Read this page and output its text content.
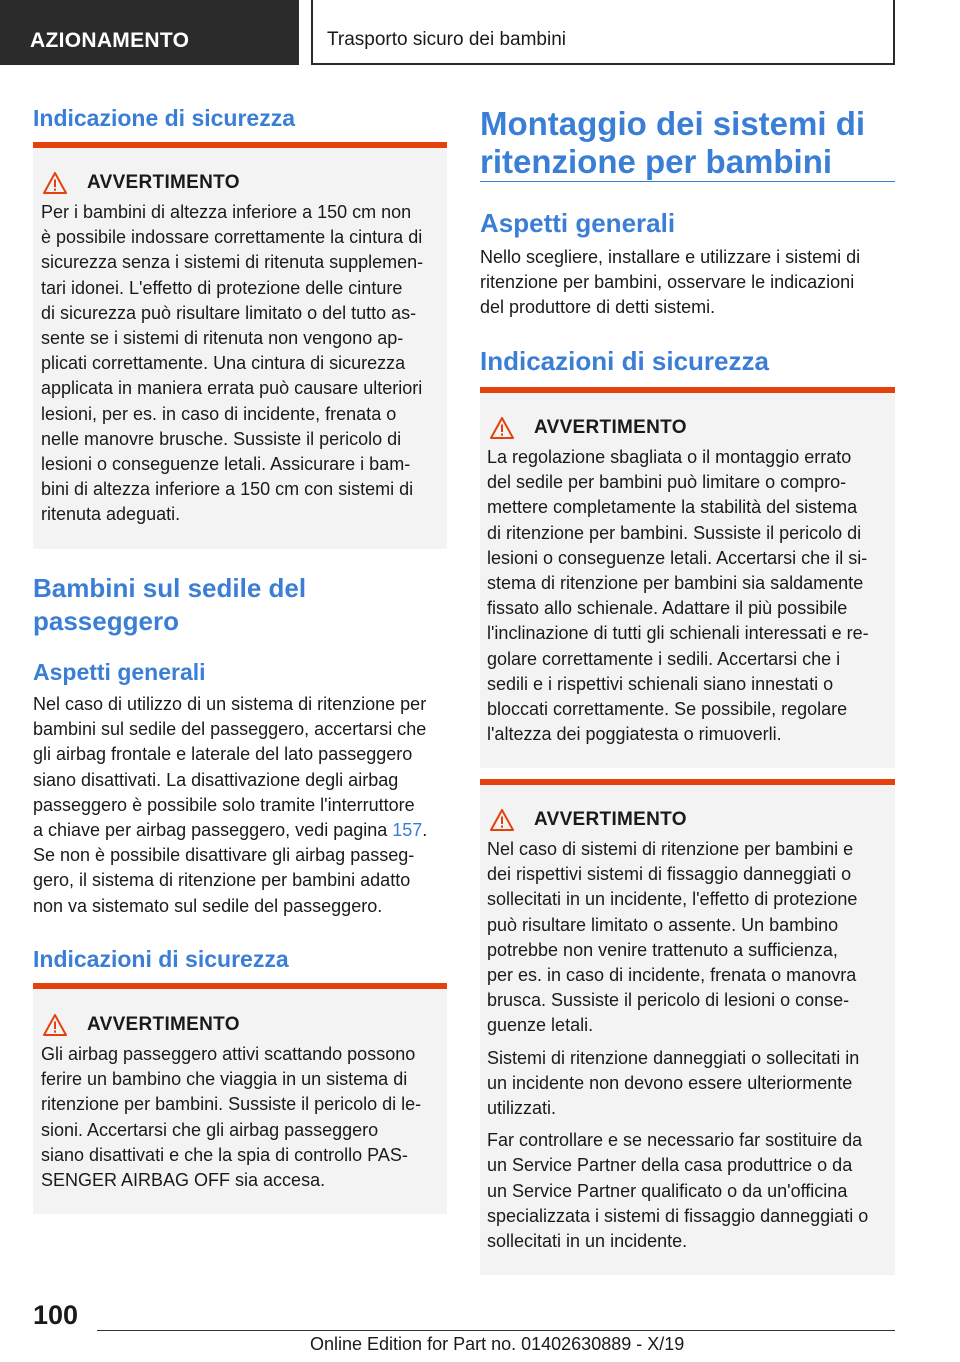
AZIONAMENTO	Trasporto sicuro dei bambini
Indicazione di sicurezza
AVVERTIMENTO

Per i bambini di altezza inferiore a 150 cm non

è possibile indossare correttamente la cintura di

sicurezza senza i sistemi di ritenuta supplemen‐

tari idonei. L'effetto di protezione delle cinture

di sicurezza può risultare limitato o del tutto as‐

sente se i sistemi di ritenuta non vengono ap‐

plicati correttamente. Una cintura di sicurezza

applicata in maniera errata può causare ulteriori

lesioni, per es. in caso di incidente, frenata o

nelle manovre brusche. Sussiste il pericolo di

lesioni o conseguenze letali. Assicurare i bam‐

bini di altezza inferiore a 150 cm con sistemi di

ritenuta adeguati.

Bambini sul sedile del
passeggero
Aspetti generali

Nel caso di utilizzo di un sistema di ritenzione per

bambini sul sedile del passeggero, accertarsi che

gli airbag frontale e laterale del lato passeggero

siano disattivati. La disattivazione degli airbag

passeggero è possibile solo tramite l'interruttore

a chiave per airbag passeggero, vedi pagina 157.

Se non è possibile disattivare gli airbag passeg‐

gero, il sistema di ritenzione per bambini adatto

non va sistemato sul sedile del passeggero.

Indicazioni di sicurezza
AVVERTIMENTO

Gli airbag passeggero attivi scattando possono

ferire un bambino che viaggia in un sistema di

ritenzione per bambini. Sussiste il pericolo di le‐

sioni. Accertarsi che gli airbag passeggero

siano disattivati e che la spia di controllo PAS‐

SENGER AIRBAG OFF sia accesa.

Montaggio dei sistemi di
ritenzione per bambini
Aspetti generali

Nello scegliere, installare e utilizzare i sistemi di

ritenzione per bambini, osservare le indicazioni

del produttore di detti sistemi.

Indicazioni di sicurezza
AVVERTIMENTO

La regolazione sbagliata o il montaggio errato

del sedile per bambini può limitare o compro‐

mettere completamente la stabilità del sistema

di ritenzione per bambini. Sussiste il pericolo di

lesioni o conseguenze letali. Accertarsi che il si‐

stema di ritenzione per bambini sia saldamente

fissato allo schienale. Adattare il più possibile

l'inclinazione di tutti gli schienali interessati e re‐

golare correttamente i sedili. Accertarsi che i

sedili e i rispettivi schienali siano innestati o

bloccati correttamente. Se possibile, regolare

l'altezza dei poggiatesta o rimuoverli.

AVVERTIMENTO

Nel caso di sistemi di ritenzione per bambini e

dei rispettivi sistemi di fissaggio danneggiati o

sollecitati in un incidente, l'effetto di protezione

può risultare limitato o assente. Un bambino

potrebbe non venire trattenuto a sufficienza,

per es. in caso di incidente, frenata o manovra

brusca. Sussiste il pericolo di lesioni o conse‐

guenze letali.

Sistemi di ritenzione danneggiati o sollecitati in

un incidente non devono essere ulteriormente

utilizzati.

Far controllare e se necessario far sostituire da

un Service Partner della casa produttrice o da

un Service Partner qualificato o da un'officina

specializzata i sistemi di fissaggio danneggiati o

sollecitati in un incidente.

100
Online Edition for Part no. 01402630889 - X/19
